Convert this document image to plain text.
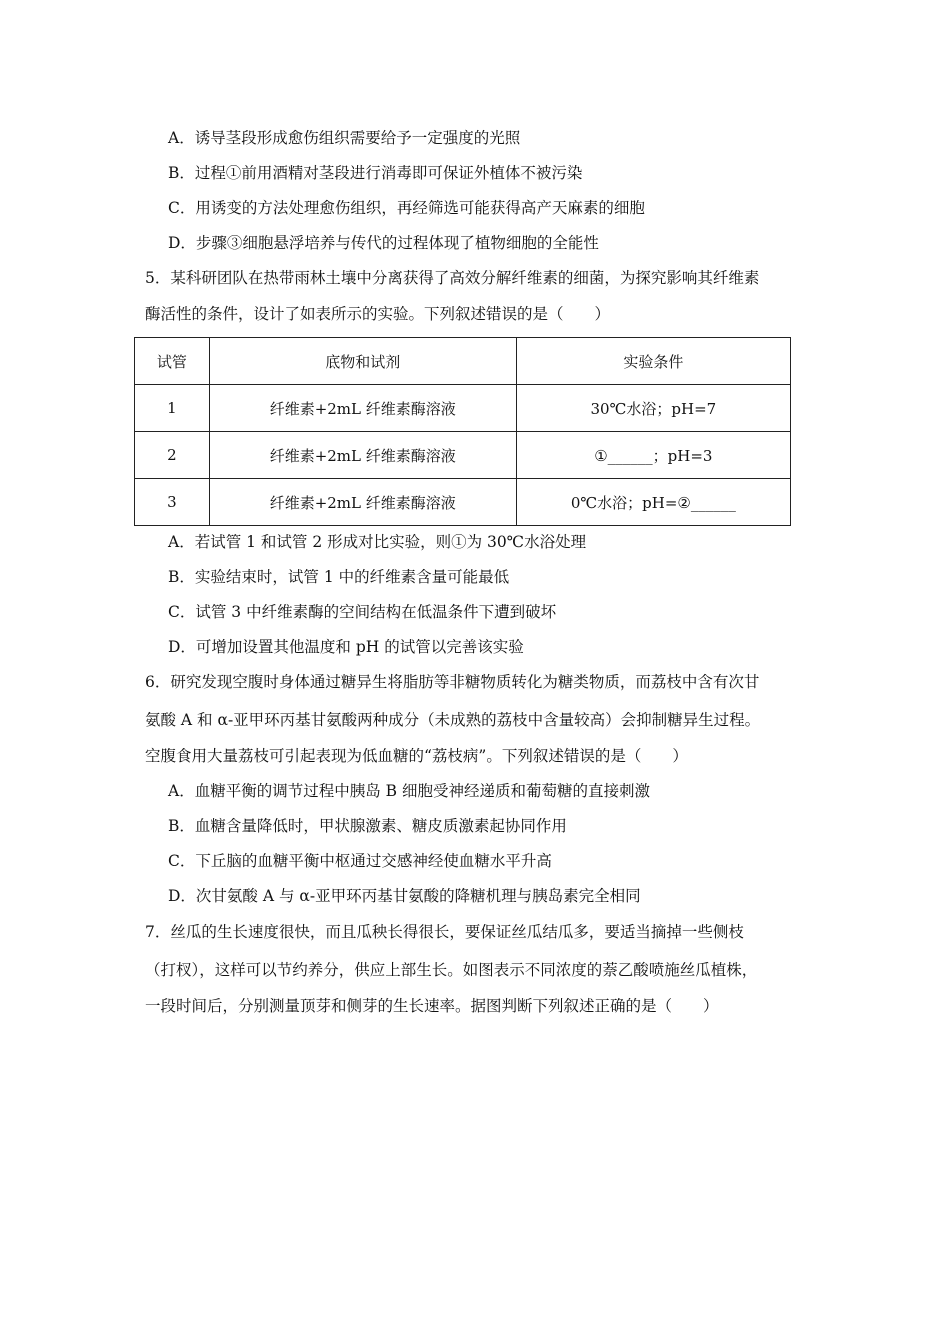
A．诱导茎段形成愈伤组织需要给予一定强度的光照
B．过程①前用酒精对茎段进行消毒即可保证外植体不被污染
C．用诱变的方法处理愈伤组织，再经筛选可能获得高产天麻素的细胞
D．步骤③细胞悬浮培养与传代的过程体现了植物细胞的全能性
5．某科研团队在热带雨林土壤中分离获得了高效分解纤维素的细菌，为探究影响其纤维素
酶活性的条件，设计了如表所示的实验。下列叙述错误的是（　　）
试管	底物和试剂	实验条件
1	纤维素+2mL 纤维素酶溶液	30℃水浴；pH=7
2	纤维素+2mL 纤维素酶溶液	①______；pH=3
3	纤维素+2mL 纤维素酶溶液	0℃水浴；pH=②______
A．若试管 1 和试管 2 形成对比实验，则①为 30℃水浴处理
B．实验结束时，试管 1 中的纤维素含量可能最低
C．试管 3 中纤维素酶的空间结构在低温条件下遭到破坏
D．可增加设置其他温度和 pH 的试管以完善该实验
6．研究发现空腹时身体通过糖异生将脂肪等非糖物质转化为糖类物质，而荔枝中含有次甘
氨酸 A 和 α-亚甲环丙基甘氨酸两种成分（未成熟的荔枝中含量较高）会抑制糖异生过程。
空腹食用大量荔枝可引起表现为低血糖的“荔枝病”。下列叙述错误的是（　　）
A．血糖平衡的调节过程中胰岛 B 细胞受神经递质和葡萄糖的直接刺激
B．血糖含量降低时，甲状腺激素、糖皮质激素起协同作用
C．下丘脑的血糖平衡中枢通过交感神经使血糖水平升高
D．次甘氨酸 A 与 α-亚甲环丙基甘氨酸的降糖机理与胰岛素完全相同
7．丝瓜的生长速度很快，而且瓜秧长得很长，要保证丝瓜结瓜多，要适当摘掉一些侧枝
（打杈），这样可以节约养分，供应上部生长。如图表示不同浓度的萘乙酸喷施丝瓜植株，
一段时间后，分别测量顶芽和侧芽的生长速率。据图判断下列叙述正确的是（　　）
